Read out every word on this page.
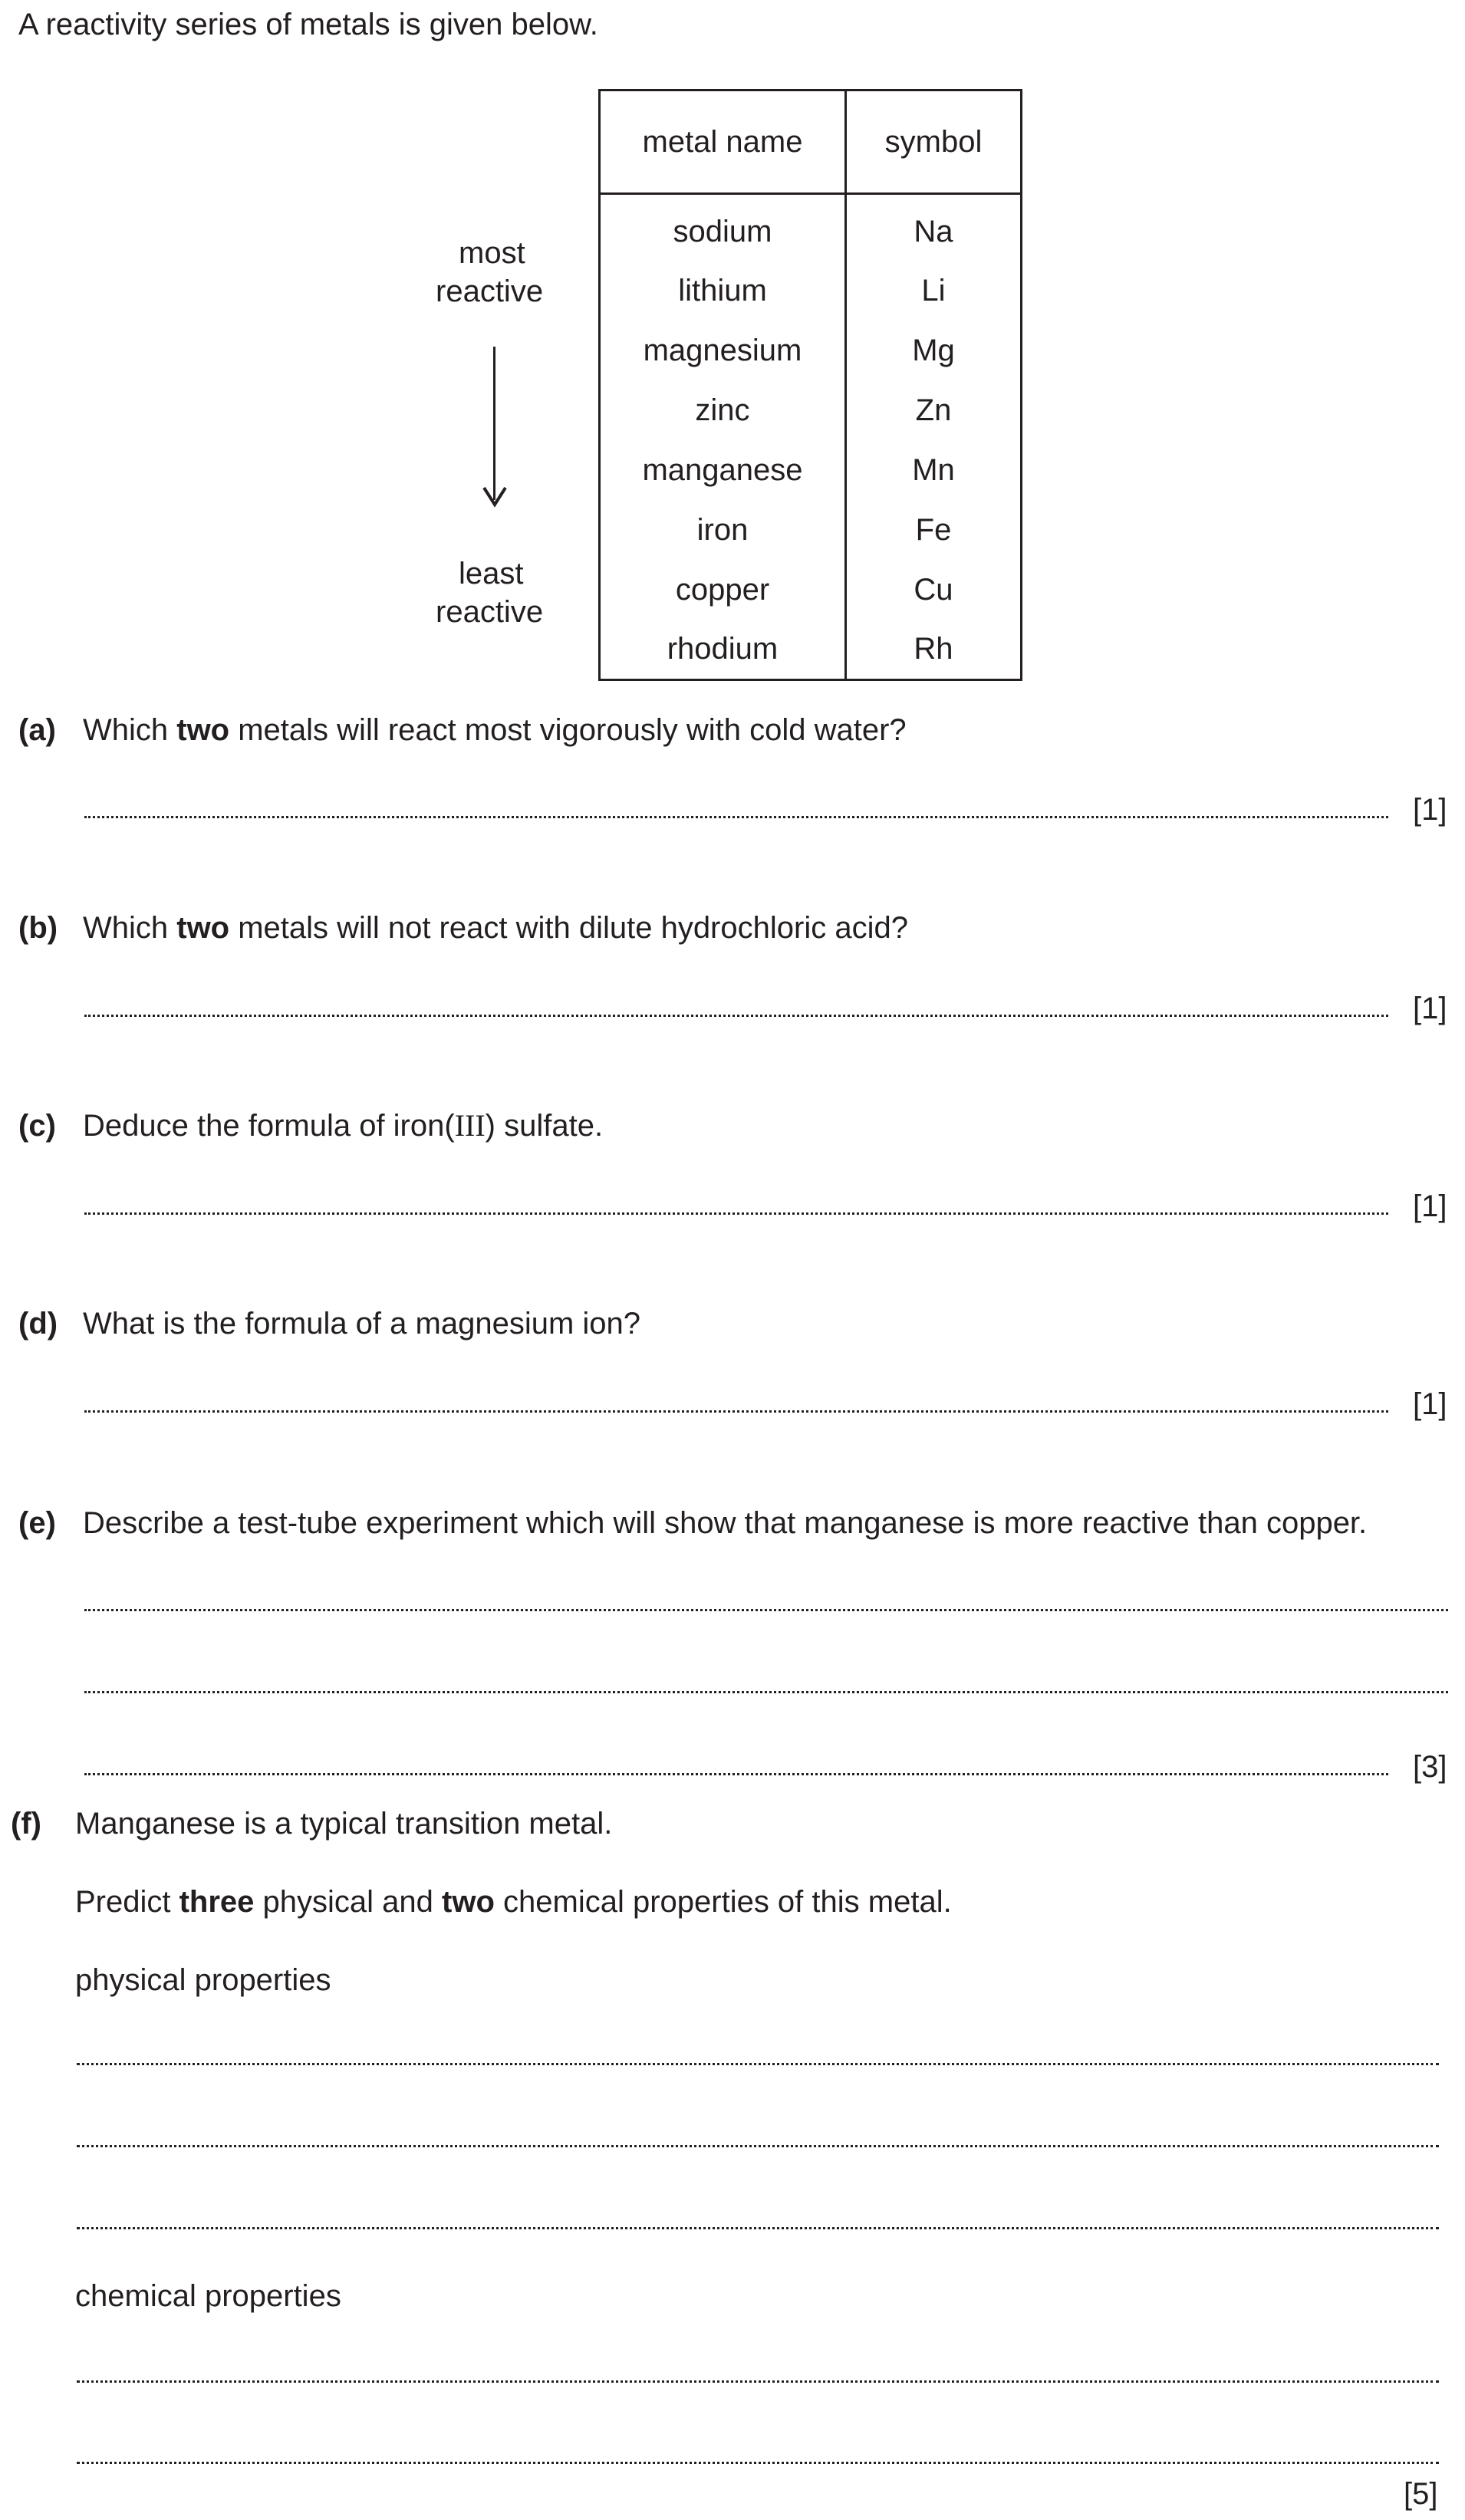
A reactivity series of metals is given below.
most
reactive
least
reactive
metal name	symbol
sodium	Na
lithium	Li
magnesium	Mg
zinc	Zn
manganese	Mn
iron	Fe
copper	Cu
rhodium	Rh
(a) Which two metals will react most vigorously with cold water?
[1]
(b) Which two metals will not react with dilute hydrochloric acid?
[1]
(c) Deduce the formula of iron(III) sulfate.
[1]
(d) What is the formula of a magnesium ion?
[1]
(e) Describe a test-tube experiment which will show that manganese is more reactive than copper.
[3]
(f) Manganese is a typical transition metal.
Predict three physical and two chemical properties of this metal.
physical properties
chemical properties
[5]
